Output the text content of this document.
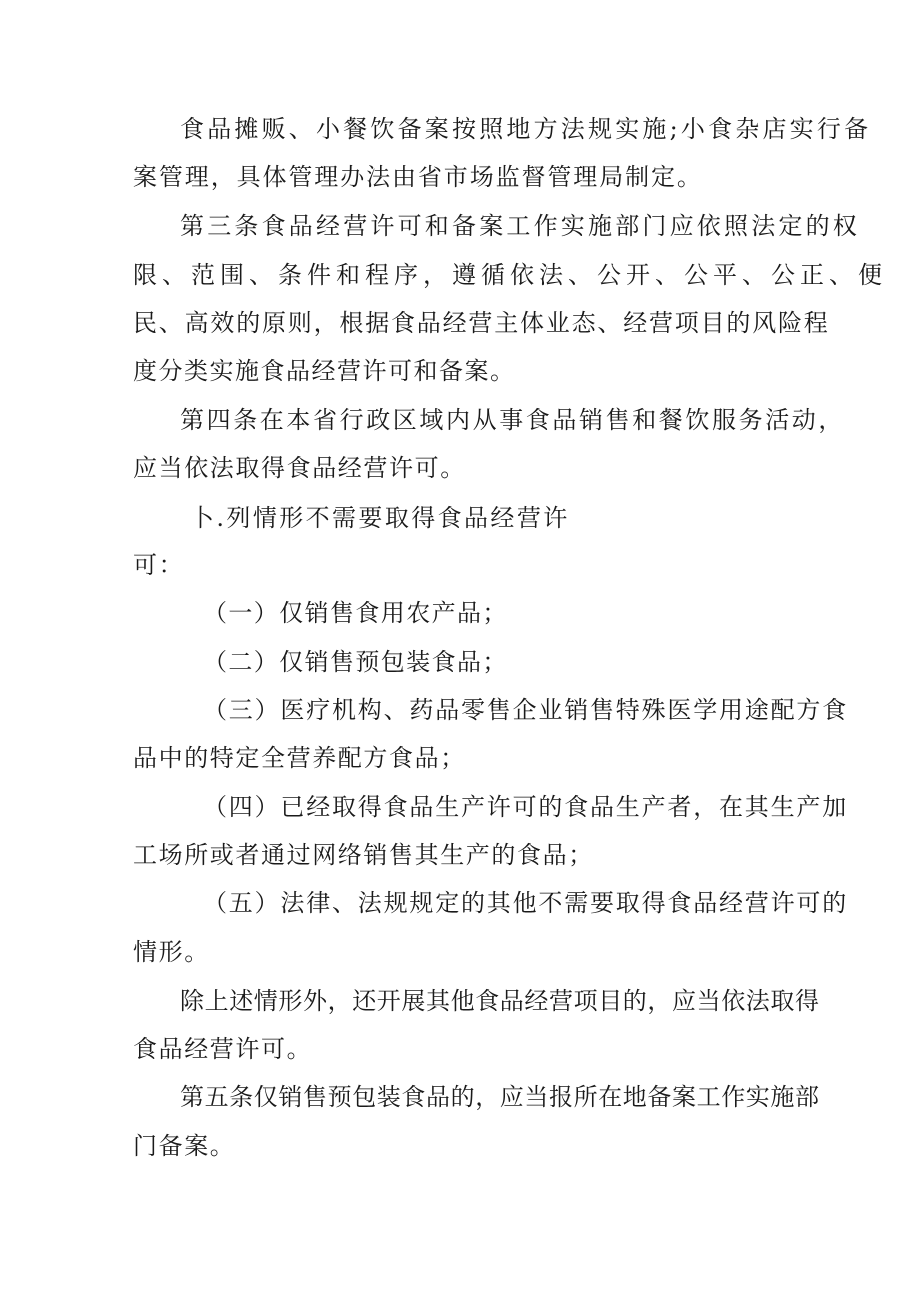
食品摊贩、小餐饮备案按照地方法规实施;小食杂店实行备
案管理，具体管理办法由省市场监督管理局制定。
第三条食品经营许可和备案工作实施部门应依照法定的权
限、范围、条件和程序，遵循依法、公开、公平、公正、便
民、高效的原则，根据食品经营主体业态、经营项目的风险程
度分类实施食品经营许可和备案。
第四条在本省行政区域内从事食品销售和餐饮服务活动，
应当依法取得食品经营许可。
卜.列情形不需要取得食品经营许
可：
（一）仅销售食用农产品；
（二）仅销售预包装食品；
（三）医疗机构、药品零售企业销售特殊医学用途配方食
品中的特定全营养配方食品；
（四）已经取得食品生产许可的食品生产者，在其生产加
工场所或者通过网络销售其生产的食品；
（五）法律、法规规定的其他不需要取得食品经营许可的
情形。
除上述情形外，还开展其他食品经营项目的，应当依法取得
食品经营许可。
第五条仅销售预包装食品的，应当报所在地备案工作实施部
门备案。
